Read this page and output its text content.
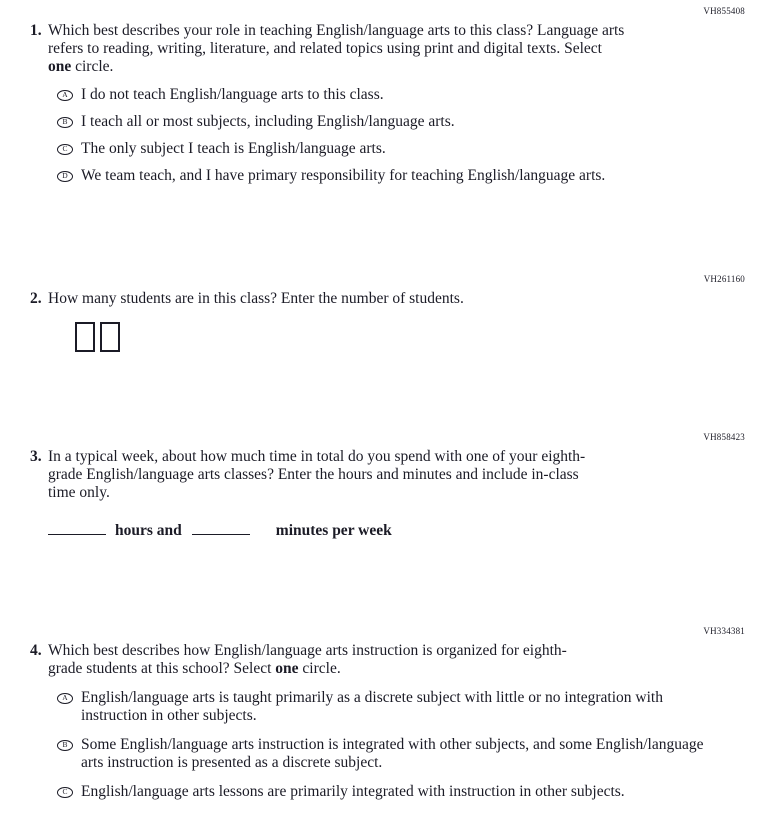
VH855408
1. Which best describes your role in teaching English/language arts to this class? Language arts refers to reading, writing, literature, and related topics using print and digital texts. Select one circle.

A I do not teach English/language arts to this class.
B I teach all or most subjects, including English/language arts.
C The only subject I teach is English/language arts.
D We team teach, and I have primary responsibility for teaching English/language arts.
VH261160
2. How many students are in this class? Enter the number of students.

VH858423
3. In a typical week, about how much time in total do you spend with one of your eighth-grade English/language arts classes? Enter the hours and minutes and include in-class time only.

hours and	minutes per week
VH334381
4. Which best describes how English/language arts instruction is organized for eighth-grade students at this school? Select one circle.

A English/language arts is taught primarily as a discrete subject with little or no integration with instruction in other subjects.
B Some English/language arts instruction is integrated with other subjects, and some English/language arts instruction is presented as a discrete subject.
C English/language arts lessons are primarily integrated with instruction in other subjects.
